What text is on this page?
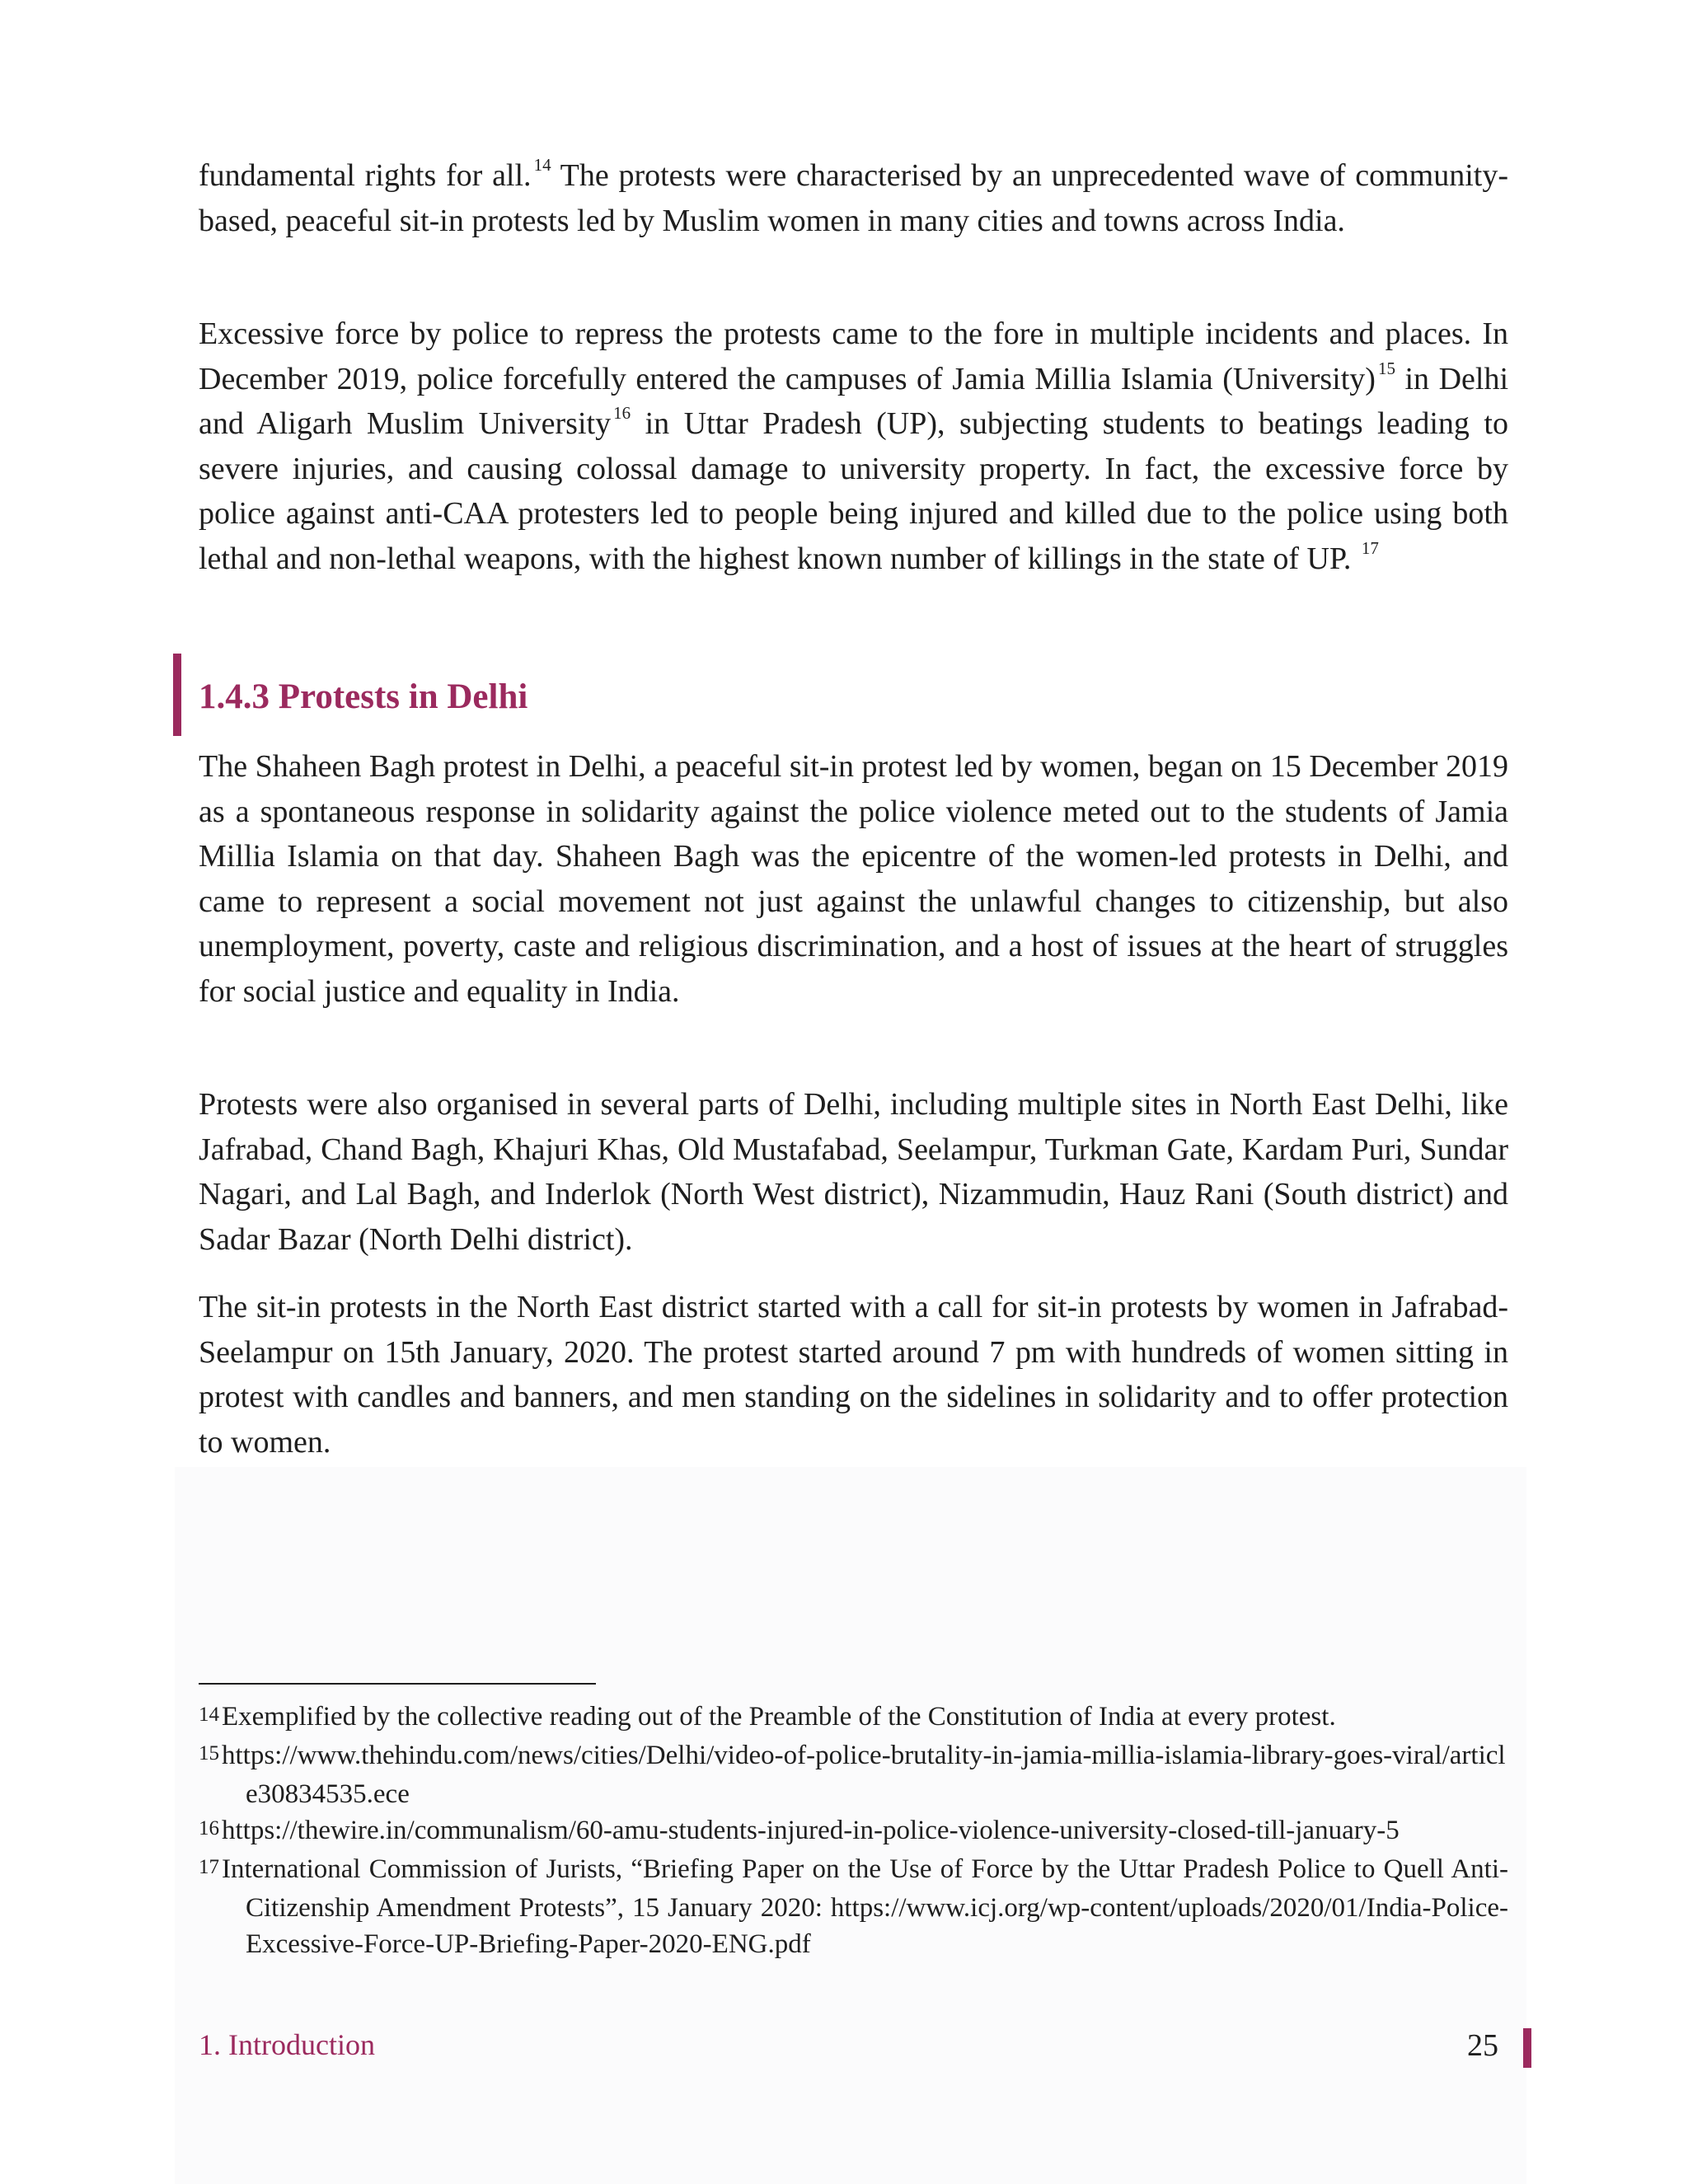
fundamental rights for all. $^{14}$ The protests were characterised by an unprecedented wave of community-based, peaceful sit-in protests led by Muslim women in many cities and towns across India.

Excessive force by police to repress the protests came to the fore in multiple incidents and places. In December 2019, police forcefully entered the campuses of Jamia Millia Islamia (University) $^{15}$ in Delhi and Aligarh Muslim University $^{16}$ in Uttar Pradesh (UP), subjecting students to beatings leading to severe injuries, and causing colossal damage to university property. In fact, the excessive force by police against anti-CAA protesters led to people being injured and killed due to the police using both lethal and non-lethal weapons, with the highest known number of killings in the state of UP. $^{17}$

1.4.3 Protests in Delhi

The Shaheen Bagh protest in Delhi, a peaceful sit-in protest led by women, began on 15 December 2019 as a spontaneous response in solidarity against the police violence meted out to the students of Jamia Millia Islamia on that day. Shaheen Bagh was the epicentre of the women-led protests in Delhi, and came to represent a social movement not just against the unlawful changes to citizenship, but also unemployment, poverty, caste and religious discrimination, and a host of issues at the heart of struggles for social justice and equality in India.

Protests were also organised in several parts of Delhi, including multiple sites in North East Delhi, like Jafrabad, Chand Bagh, Khajuri Khas, Old Mustafabad, Seelampur, Turkman Gate, Kardam Puri, Sundar Nagari, and Lal Bagh, and Inderlok (North West district), Nizammudin, Hauz Rani (South district) and Sadar Bazar (North Delhi district).

The sit-in protests in the North East district started with a call for sit-in protests by women in Jafrabad-Seelampur on 15th January, 2020. The protest started around 7 pm with hundreds of women sitting in protest with candles and banners, and men standing on the sidelines in solidarity and to offer protection to women.

14Exemplified by the collective reading out of the Preamble of the Constitution of India at every protest.

15https://www.thehindu.com/news/cities/Delhi/video-of-police-brutality-in-jamia-millia-islamia-library-goes-viral/article30834535.ece

16https://thewire.in/communalism/60-amu-students-injured-in-police-violence-university-closed-till-january-5

17International Commission of Jurists, “Briefing Paper on the Use of Force by the Uttar Pradesh Police to Quell Anti-Citizenship Amendment Protests”, 15 January 2020: https://www.icj.org/wp-content/uploads/2020/01/India-Police-Excessive-Force-UP-Briefing-Paper-2020-ENG.pdf

1. Introduction	25
